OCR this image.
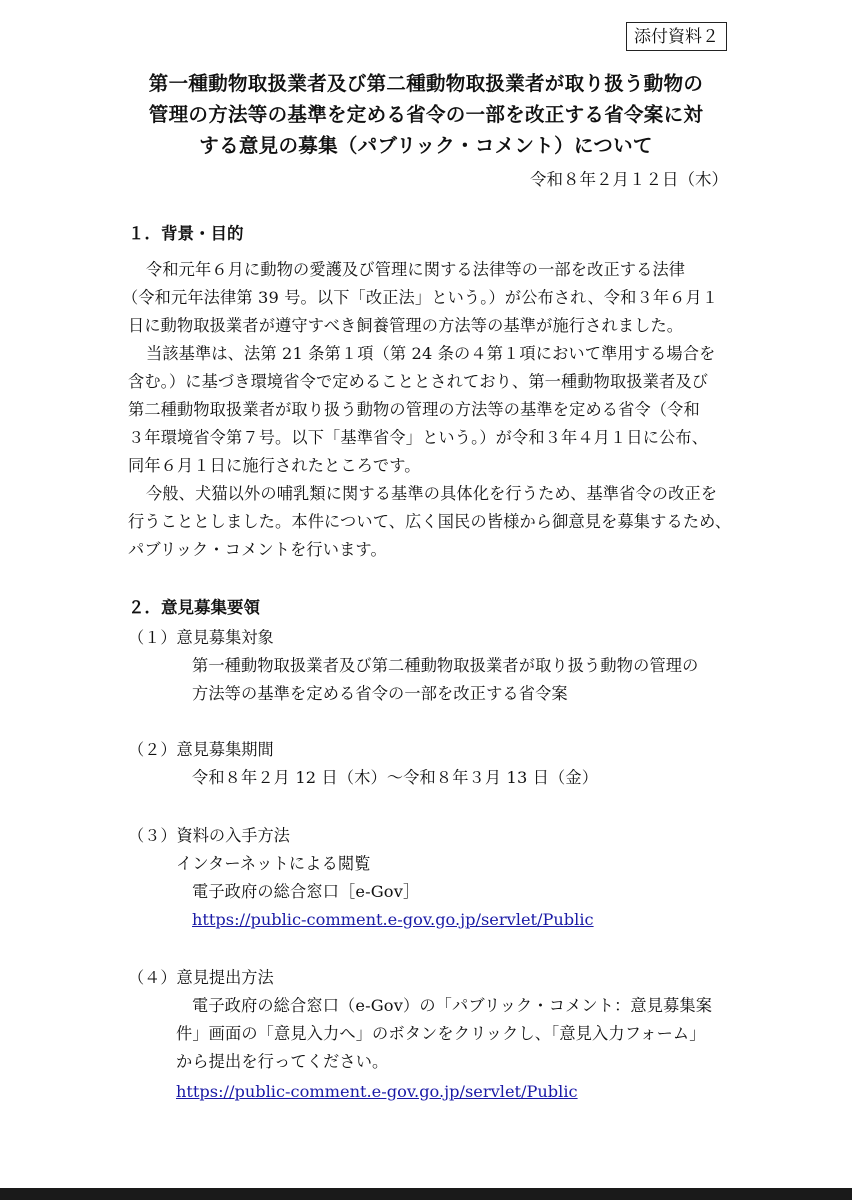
添付資料２
第一種動物取扱業者及び第二種動物取扱業者が取り扱う動物の
管理の方法等の基準を定める省令の一部を改正する省令案に対
する意見の募集（パブリック・コメント）について
令和８年２月１２日（木）
１．背景・目的
令和元年６月に動物の愛護及び管理に関する法律等の一部を改正する法律
（令和元年法律第 39 号。以下「改正法」という。）が公布され、令和３年６月１
日に動物取扱業者が遵守すべき飼養管理の方法等の基準が施行されました。
当該基準は、法第 21 条第１項（第 24 条の４第１項において準用する場合を
含む。）に基づき環境省令で定めることとされており、第一種動物取扱業者及び
第二種動物取扱業者が取り扱う動物の管理の方法等の基準を定める省令（令和
３年環境省令第７号。以下「基準省令」という。）が令和３年４月１日に公布、
同年６月１日に施行されたところです。
今般、犬猫以外の哺乳類に関する基準の具体化を行うため、基準省令の改正を
行うこととしました。本件について、広く国民の皆様から御意見を募集するため、
パブリック・コメントを行います。
２．意見募集要領
（１）意見募集対象
第一種動物取扱業者及び第二種動物取扱業者が取り扱う動物の管理の
方法等の基準を定める省令の一部を改正する省令案
（２）意見募集期間
令和８年２月 12 日（木）～令和８年３月 13 日（金）
（３）資料の入手方法
インターネットによる閲覧
電子政府の総合窓口［e-Gov］
https://public-comment.e-gov.go.jp/servlet/Public
（４）意見提出方法
電子政府の総合窓口（e-Gov）の「パブリック・コメント：意見募集案
件」画面の「意見入力へ」のボタンをクリックし、「意見入力フォーム」
から提出を行ってください。
https://public-comment.e-gov.go.jp/servlet/Public
